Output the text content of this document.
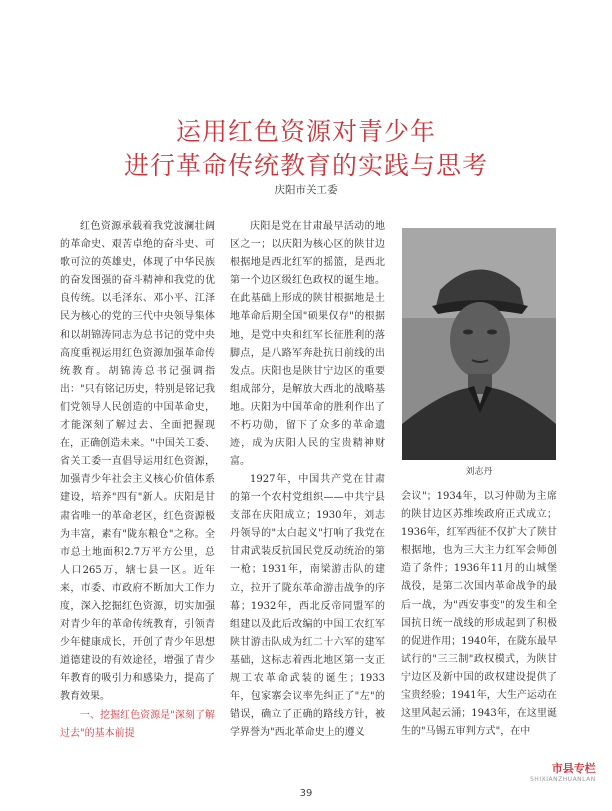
运用红色资源对青少年
进行革命传统教育的实践与思考
庆阳市关工委

红色资源承载着我党波澜壮阔的革命史、艰苦卓绝的奋斗史、可歌可泣的英雄史，体现了中华民族的奋发图强的奋斗精神和我党的优良传统。以毛泽东、邓小平、江泽民为核心的党的三代中央领导集体和以胡锦涛同志为总书记的党中央高度重视运用红色资源加强革命传统教育。胡锦涛总书记强调指出："只有铭记历史，特别是铭记我们党领导人民创造的中国革命史，才能深刻了解过去、全面把握现在，正确创造未来。"中国关工委、省关工委一直倡导运用红色资源，加强青少年社会主义核心价值体系建设，培养"四有"新人。庆阳是甘肃省唯一的革命老区，红色资源极为丰富，素有"陇东粮仓"之称。全市总土地面积2.7万平方公里，总人口265万，辖七县一区。近年来，市委、市政府不断加大工作力度，深入挖掘红色资源，切实加强对青少年的革命传统教育，引领青少年健康成长，开创了青少年思想道德建设的有效途径，增强了青少年教育的吸引力和感染力，提高了教育效果。

一、挖掘红色资源是"深刻了解过去"的基本前提

庆阳是党在甘肃最早活动的地区之一；以庆阳为核心区的陕甘边根据地是西北红军的摇篮，是西北第一个边区级红色政权的诞生地。在此基础上形成的陕甘根据地是土地革命后期全国"硕果仅存"的根据地，是党中央和红军长征胜利的落脚点，是八路军奔赴抗日前线的出发点。庆阳也是陕甘宁边区的重要组成部分，是解放大西北的战略基地。庆阳为中国革命的胜利作出了不朽功勋，留下了众多的革命遗迹，成为庆阳人民的宝贵精神财富。

1927年，中国共产党在甘肃的第一个农村党组织——中共宁县支部在庆阳成立；1930年，刘志丹领导的"太白起义"打响了我党在甘肃武装反抗国民党反动统治的第一枪；1931年，南梁游击队的建立，拉开了陇东革命游击战争的序幕；1932年，西北反帝同盟军的组建以及此后改编的中国工农红军陕甘游击队成为红二十六军的建军基础，这标志着西北地区第一支正规工农革命武装的诞生；1933年，包家寨会议率先纠正了"左"的错误，确立了正确的路线方针，被学界誉为"西北革命史上的遵义

刘志丹

会议"；1934年，以习仲勋为主席的陕甘边区苏维埃政府正式成立；1936年，红军西征不仅扩大了陕甘根据地，也为三大主力红军会师创造了条件；1936年11月的山城堡战役，是第二次国内革命战争的最后一战，为"西安事变"的发生和全国抗日统一战线的形成起到了积极的促进作用；1940年，在陇东最早试行的"三三制"政权模式，为陕甘宁边区及新中国的政权建设提供了宝贵经验；1941年，大生产运动在这里风起云涌；1943年，在这里诞生的"马锡五审判方式"，在中

市县专栏
SHIXIANZHUANLAN
39
